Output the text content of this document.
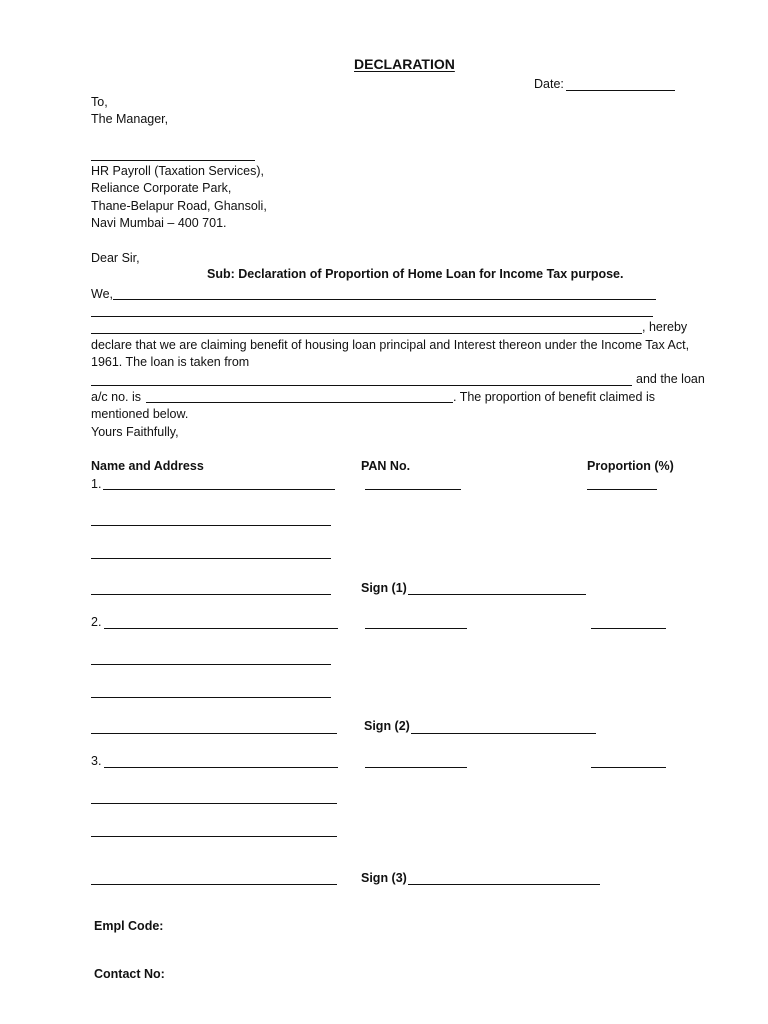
DECLARATION
Date:
To,
The Manager,
HR Payroll (Taxation Services),
Reliance Corporate Park,
Thane-Belapur Road, Ghansoli,
Navi Mumbai – 400 701.
Dear Sir,
Sub: Declaration of Proportion of Home Loan for Income Tax purpose.
We,
, hereby
declare that we are claiming benefit of housing loan principal and Interest thereon under the Income Tax Act,
1961. The loan is taken from
and the loan
a/c no. is	. The proportion of benefit claimed is
mentioned below.
Yours Faithfully,
Name and Address	PAN No.	Proportion (%)
1.
Sign (1)
2.
Sign (2)
3.
Sign (3)
Empl Code:
Contact No:
